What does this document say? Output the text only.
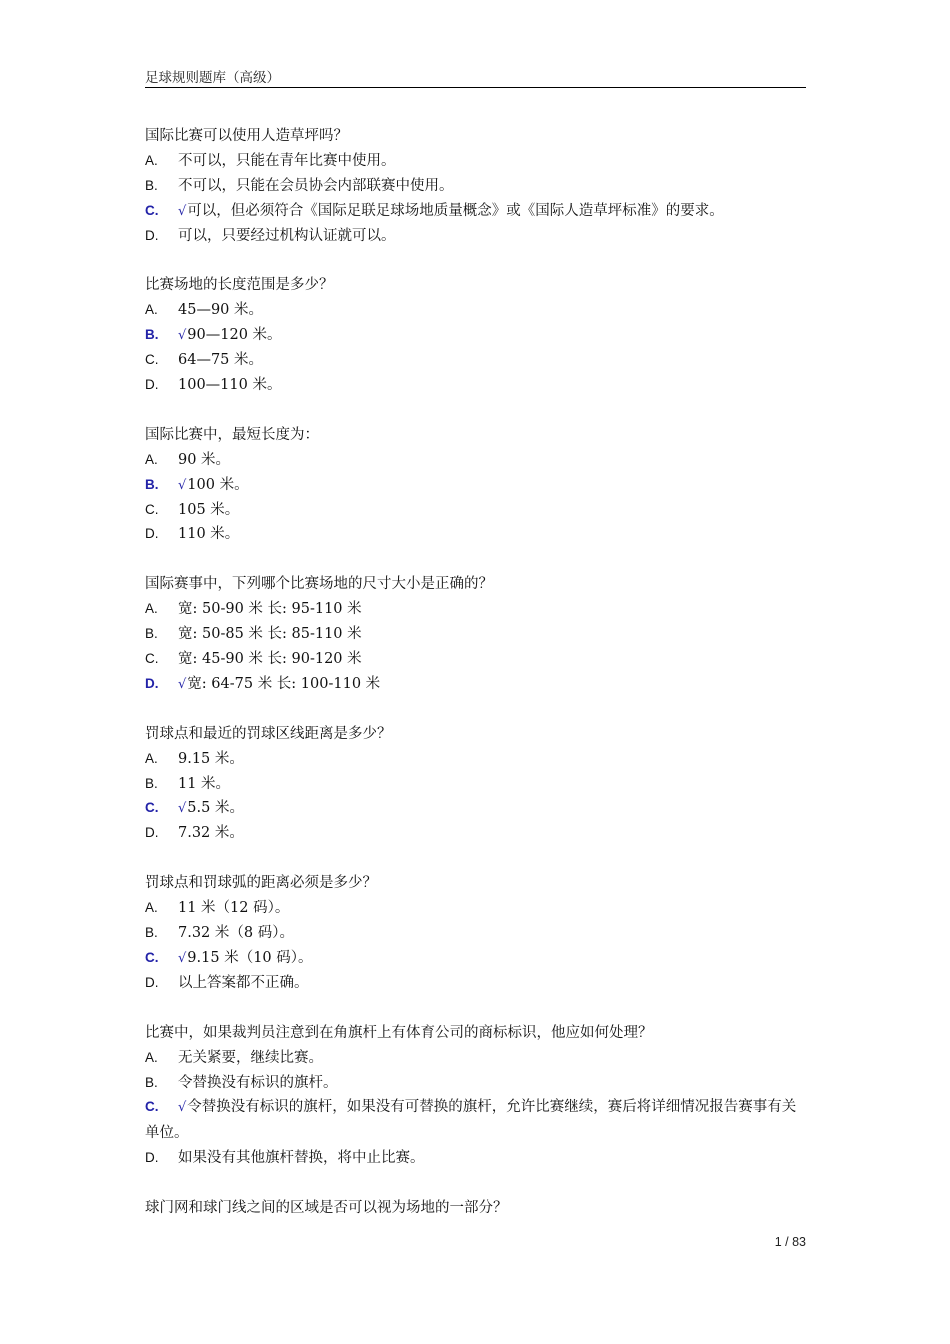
足球规则题库（高级）
国际比赛可以使用人造草坪吗？
A.	不可以，只能在青年比赛中使用。
B.	不可以，只能在会员协会内部联赛中使用。
C.	√ 可以，但必须符合《国际足联足球场地质量概念》或《国际人造草坪标准》的要求。
D.	可以，只要经过机构认证就可以。
比赛场地的长度范围是多少？
A.	45—90 米。
B.	√ 90—120 米。
C.	64—75 米。
D.	100—110 米。
国际比赛中，最短长度为：
A.	90 米。
B.	√ 100 米。
C.	105 米。
D.	110 米。
国际赛事中，下列哪个比赛场地的尺寸大小是正确的？
A.	宽: 50-90 米 长: 95-110 米
B.	宽: 50-85 米 长: 85-110 米
C.	宽: 45-90 米 长: 90-120 米
D.	√ 宽: 64-75 米 长: 100-110 米
罚球点和最近的罚球区线距离是多少？
A.	9.15 米。
B.	11 米。
C.	√ 5.5 米。
D.	7.32 米。
罚球点和罚球弧的距离必须是多少？
A.	11 米（12 码）。
B.	7.32 米（8 码）。
C.	√ 9.15 米（10 码）。
D.	以上答案都不正确。
比赛中，如果裁判员注意到在角旗杆上有体育公司的商标标识，他应如何处理？
A.	无关紧要，继续比赛。
B.	令替换没有标识的旗杆。
C. √令替换没有标识的旗杆，如果没有可替换的旗杆，允许比赛继续，赛后将详细情况报告赛事有关单位。
D.	如果没有其他旗杆替换，将中止比赛。
球门网和球门线之间的区域是否可以视为场地的一部分？
1 / 83
